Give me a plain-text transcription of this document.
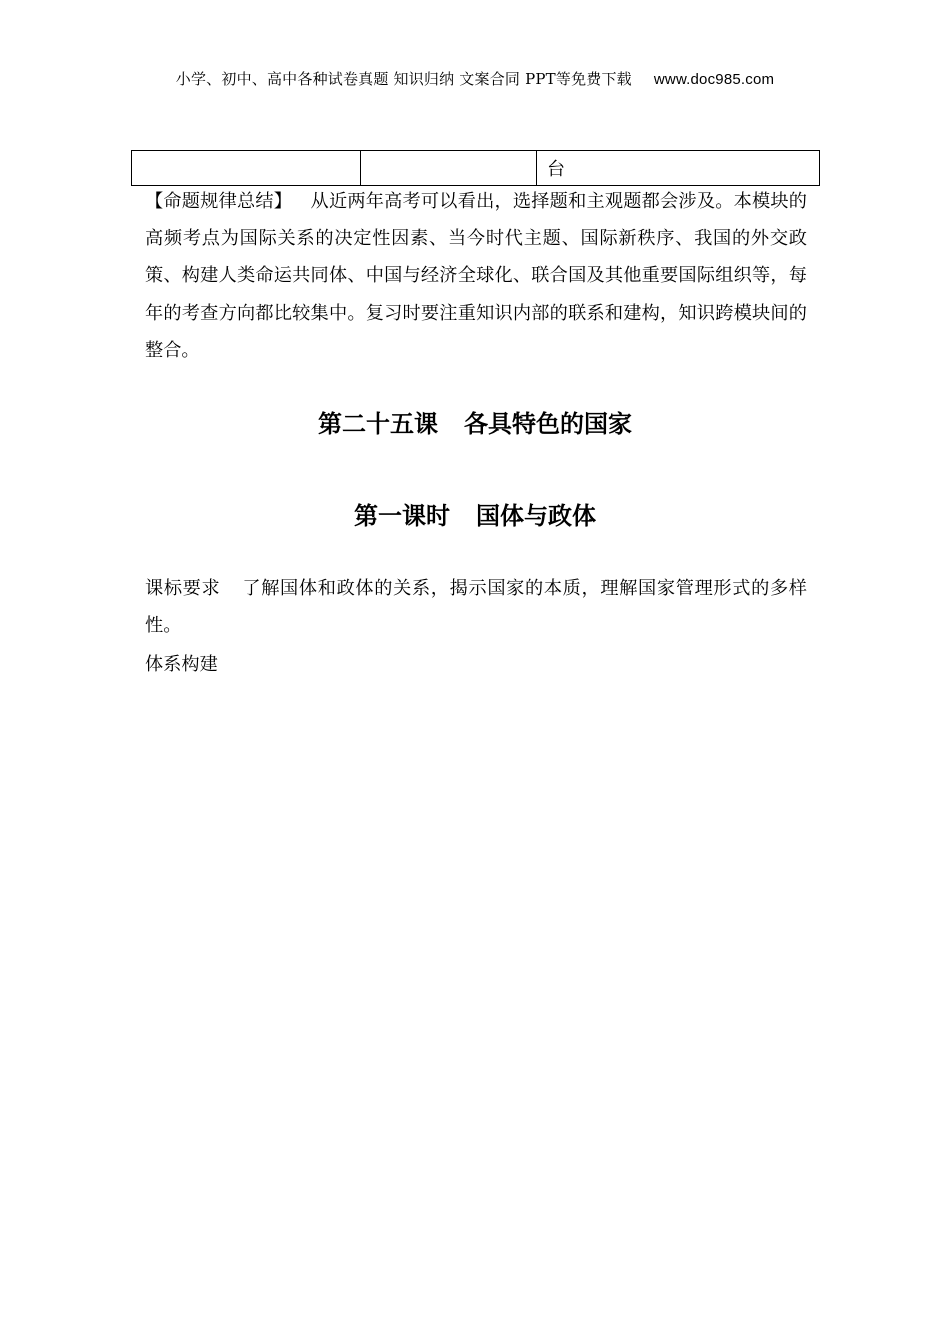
小学、初中、高中各种试卷真题 知识归纳 文案合同 PPT等免费下载 www.doc985.com
		台

【命题规律总结】  从近两年高考可以看出，选择题和主观题都会涉及。本模块的高频考点为国际关系的决定性因素、当今时代主题、国际新秩序、我国的外交政策、构建人类命运共同体、中国与经济全球化、联合国及其他重要国际组织等，每年的考查方向都比较集中。复习时要注重知识内部的联系和建构，知识跨模块间的整合。

第二十五课 各具特色的国家
第一课时 国体与政体

课标要求 了解国体和政体的关系，揭示国家的本质，理解国家管理形式的多样性。

体系构建
